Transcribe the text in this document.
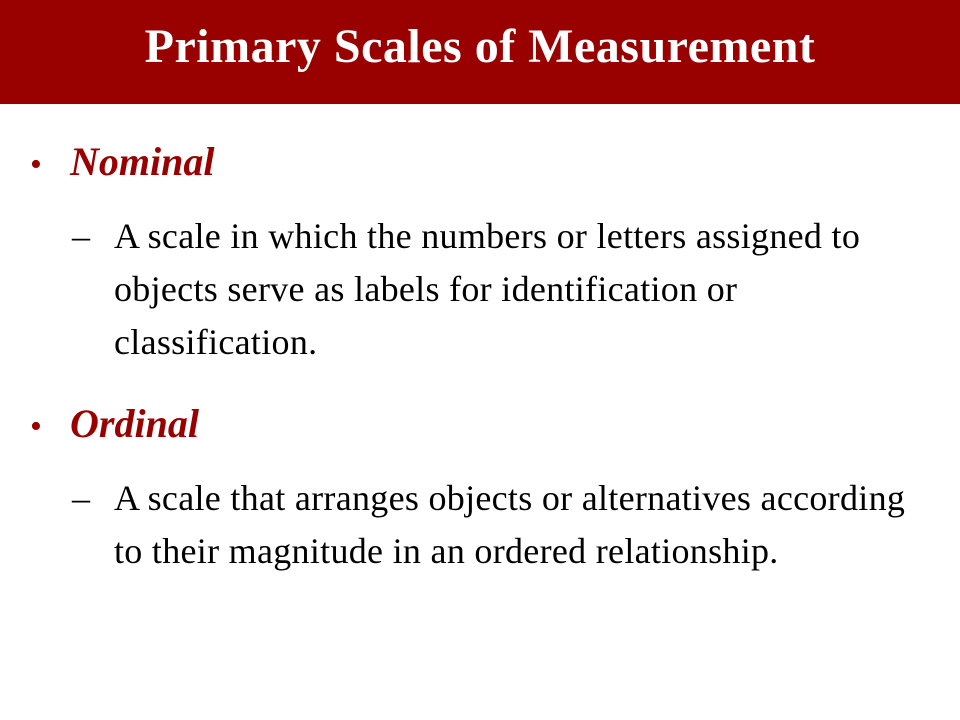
Primary Scales of Measurement
• Nominal
– A scale in which the numbers or letters assigned to objects serve as labels for identification or classification.
• Ordinal
– A scale that arranges objects or alternatives according to their magnitude in an ordered relationship.
